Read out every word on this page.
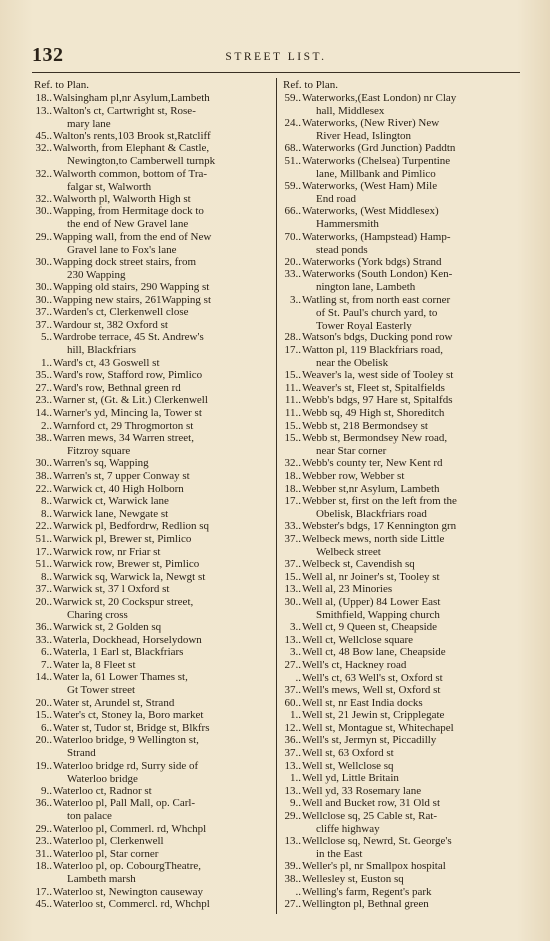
132	STREET LIST.
Ref. to Plan.
18 .. Walsingham pl,nr Asylum,Lambeth
13 .. Walton's ct, Cartwright st, Rose-
mary lane
45 .. Walton's rents,103 Brook st,Ratcliff
32 .. Walworth, from Elephant & Castle,
Newington,to Camberwell turnpk
32 .. Walworth common, bottom of Tra-
falgar st, Walworth
32 .. Walworth pl, Walworth High st
30 .. Wapping, from Hermitage dock to
the end of New Gravel lane
29 .. Wapping wall, from the end of New
Gravel lane to Fox's lane
30 .. Wapping dock street stairs, from
230 Wapping
30 .. Wapping old stairs, 290 Wapping st
30 .. Wapping new stairs, 261Wapping st
37 .. Warden's ct, Clerkenwell close
37 .. Wardour st, 382 Oxford st
5 .. Wardrobe terrace, 45 St. Andrew's
hill, Blackfriars
1 .. Ward's ct, 43 Goswell st
35 .. Ward's row, Stafford row, Pimlico
27 .. Ward's row, Bethnal green rd
23 .. Warner st, (Gt. & Lit.) Clerkenwell
14 .. Warner's yd, Mincing la, Tower st
2 .. Warnford ct, 29 Throgmorton st
38 .. Warren mews, 34 Warren street,
Fitzroy square
30 .. Warren's sq, Wapping
38 .. Warren's st, 7 upper Conway st
22 .. Warwick ct, 40 High Holborn
8 .. Warwick ct, Warwick lane
8 .. Warwick lane, Newgate st
22 .. Warwick pl, Bedfordrw, Redlion sq
51 .. Warwick pl, Brewer st, Pimlico
17 .. Warwick row, nr Friar st
51 .. Warwick row, Brewer st, Pimlico
8 .. Warwick sq, Warwick la, Newgt st
37 .. Warwick st, 37 l Oxford st
20 .. Warwick st, 20 Cockspur street,
Charing cross
36 .. Warwick st, 2 Golden sq
33 .. Waterla, Dockhead, Horselydown
6 .. Waterla, 1 Earl st, Blackfriars
7 .. Water la, 8 Fleet st
14 .. Water la, 61 Lower Thames st,
Gt Tower street
20 .. Water st, Arundel st, Strand
15 .. Water's ct, Stoney la, Boro market
6 .. Water st, Tudor st, Bridge st, Blkfrs
20 .. Waterloo bridge, 9 Wellington st,
Strand
19 .. Waterloo bridge rd, Surry side of
Waterloo bridge
9 .. Waterloo ct, Radnor st
36 .. Waterloo pl, Pall Mall, op. Carl-
ton palace
29 .. Waterloo pl, Commerl. rd, Whchpl
23 .. Waterloo pl, Clerkenwell
31 .. Waterloo pl, Star corner
18 .. Waterloo pl, op. CobourgTheatre,
Lambeth marsh
17 .. Waterloo st, Newington causeway
45 .. Waterloo st, Commercl. rd, Whchpl
Ref. to Plan.
59 .. Waterworks,(East London) nr Clay
hall, Middlesex
24 .. Waterworks, (New River) New
River Head, Islington
68 .. Waterworks (Grd Junction) Paddtn
51 .. Waterworks (Chelsea) Turpentine
lane, Millbank and Pimlico
59 .. Waterworks, (West Ham) Mile
End road
66 .. Waterworks, (West Middlesex)
Hammersmith
70 .. Waterworks, (Hampstead) Hamp-
stead ponds
20 .. Waterworks (York bdgs) Strand
33 .. Waterworks (South London) Ken-
nington lane, Lambeth
3 .. Watling st, from north east corner
of St. Paul's church yard, to
Tower Royal Easterly
28 .. Watson's bdgs, Ducking pond row
17 .. Watton pl, 119 Blackfriars road,
near the Obelisk
15 .. Weaver's la, west side of Tooley st
11 .. Weaver's st, Fleet st, Spitalfields
11 .. Webb's bdgs, 97 Hare st, Spitalfds
11 .. Webb sq, 49 High st, Shoreditch
15 .. Webb st, 218 Bermondsey st
15 .. Webb st, Bermondsey New road,
near Star corner
32 .. Webb's county ter, New Kent rd
18 .. Webber row, Webber st
18 .. Webber st,nr Asylum, Lambeth
17 .. Webber st, first on the left from the
Obelisk, Blackfriars road
33 .. Webster's bdgs, 17 Kennington grn
37 .. Welbeck mews, north side Little
Welbeck street
37 .. Welbeck st, Cavendish sq
15 .. Well al, nr Joiner's st, Tooley st
13 .. Well al, 23 Minories
30 .. Well al, (Upper) 84 Lower East
Smithfield, Wapping church
3 .. Well ct, 9 Queen st, Cheapside
13 .. Well ct, Wellclose square
3 .. Well ct, 48 Bow lane, Cheapside
27 .. Well's ct, Hackney road
..
Well's ct, 63 Well's st, Oxford st
37 .. Well's mews, Well st, Oxford st
60 .. Well st, nr East India docks
1 .. Well st, 21 Jewin st, Cripplegate
12 .. Well st, Montague st, Whitechapel
36 .. Well's st, Jermyn st, Piccadilly
37 .. Well st, 63 Oxford st
13 .. Well st, Wellclose sq
1 .. Well yd, Little Britain
13 .. Well yd, 33 Rosemary lane
9 .. Well and Bucket row, 31 Old st
29 .. Wellclose sq, 25 Cable st, Rat-
cliffe highway
13 .. Wellclose sq, Newrd, St. George's
in the East
39 .. Weller's pl, nr Smallpox hospital
38 .. Wellesley st, Euston sq
..
Welling's farm, Regent's park
27 .. Wellington pl, Bethnal green
